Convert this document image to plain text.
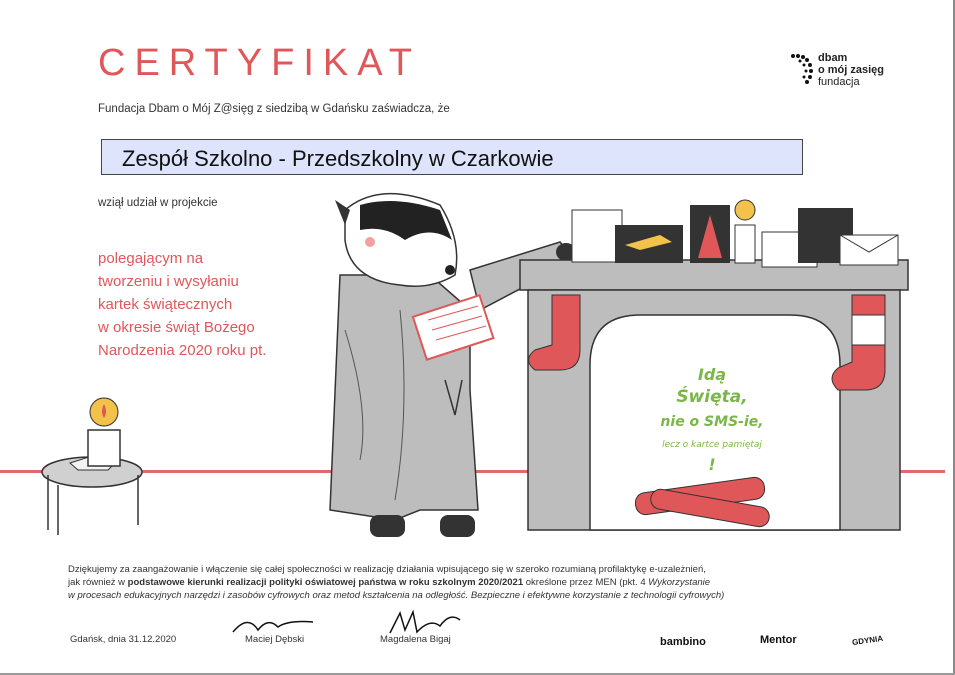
CERTYFIKAT	dbam
o mój zasięg
fundacja
Fundacja Dbam o Mój Z@sięg z siedzibą w Gdańsku zaświadcza, że
Zespół Szkolno - Przedszkolny w Czarkowie
wziął udział w projekcie
polegającym na
tworzeniu i wysyłaniu
kartek świątecznych
w okresie świąt Bożego
Narodzenia 2020 roku pt.
Idą
Święta,
nie o SMS-ie,
lecz o kartce pamiętaj
!
Dziękujemy za zaangażowanie i włączenie się całej społeczności w realizację działania wpisującego się w szeroko rozumianą profilaktykę e-uzależnień,
jak również w podstawowe kierunki realizacji polityki oświatowej państwa w roku szkolnym 2020/2021 określone przez MEN (pkt. 4 Wykorzystanie
w procesach edukacyjnych narzędzi i zasobów cyfrowych oraz metod kształcenia na odległość. Bezpieczne i efektywne korzystanie z technologii cyfrowych)
Gdańsk, dnia 31.12.2020	Maciej Dębski	Magdalena Bigaj	bambino	Mentor	GDYNIA
